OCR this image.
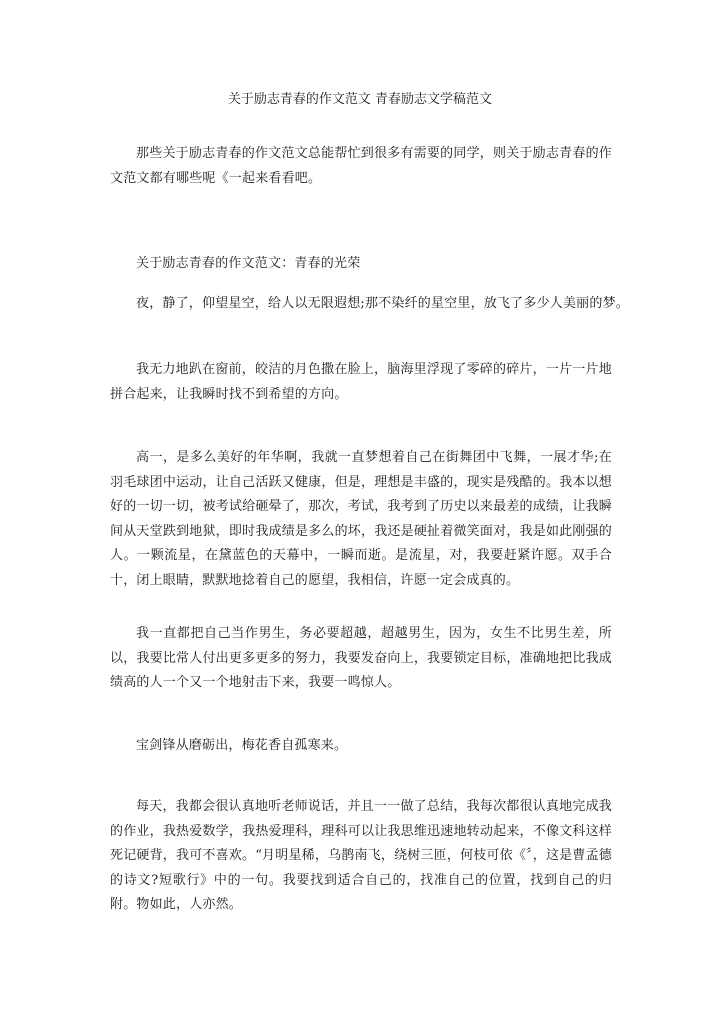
关于励志青春的作文范文 青春励志文学稿范文

那些关于励志青春的作文范文总能帮忙到很多有需要的同学，则关于励志青春的作文范文都有哪些呢《一起来看看吧。

关于励志青春的作文范文：青春的光荣

夜，静了，仰望星空，给人以无限遐想;那不染纤的星空里，放飞了多少人美丽的梦。

我无力地趴在窗前，皎洁的月色撒在脸上，脑海里浮现了零碎的碎片，一片一片地拼合起来，让我瞬时找不到希望的方向。

高一，是多么美好的年华啊，我就一直梦想着自己在街舞团中飞舞，一展才华;在羽毛球团中运动，让自己活跃又健康，但是，理想是丰盛的，现实是残酷的。我本以想好的一切一切，被考试给砸晕了，那次，考试，我考到了历史以来最差的成绩，让我瞬间从天堂跌到地狱，即时我成绩是多么的坏，我还是硬扯着微笑面对，我是如此刚强的人。一颗流星，在黛蓝色的天幕中，一瞬而逝。是流星，对，我要赶紧许愿。双手合十，闭上眼睛，默默地捻着自己的愿望，我相信，许愿一定会成真的。

我一直都把自己当作男生，务必要超越，超越男生，因为，女生不比男生差，所以，我要比常人付出更多更多的努力，我要发奋向上，我要锁定目标，准确地把比我成绩高的人一个又一个地射击下来，我要一鸣惊人。

宝剑锋从磨砺出，梅花香自孤寒来。

每天，我都会很认真地听老师说话，并且一一做了总结，我每次都很认真地完成我的作业，我热爱数学，我热爱理科，理科可以让我思维迅速地转动起来，不像文科这样死记硬背，我可不喜欢。“月明星稀，乌鹊南飞，绕树三匝，何枝可依《〞，这是曹孟德的诗文?短歌行》中的一句。我要找到适合自己的，找准自己的位置，找到自己的归附。物如此，人亦然。
